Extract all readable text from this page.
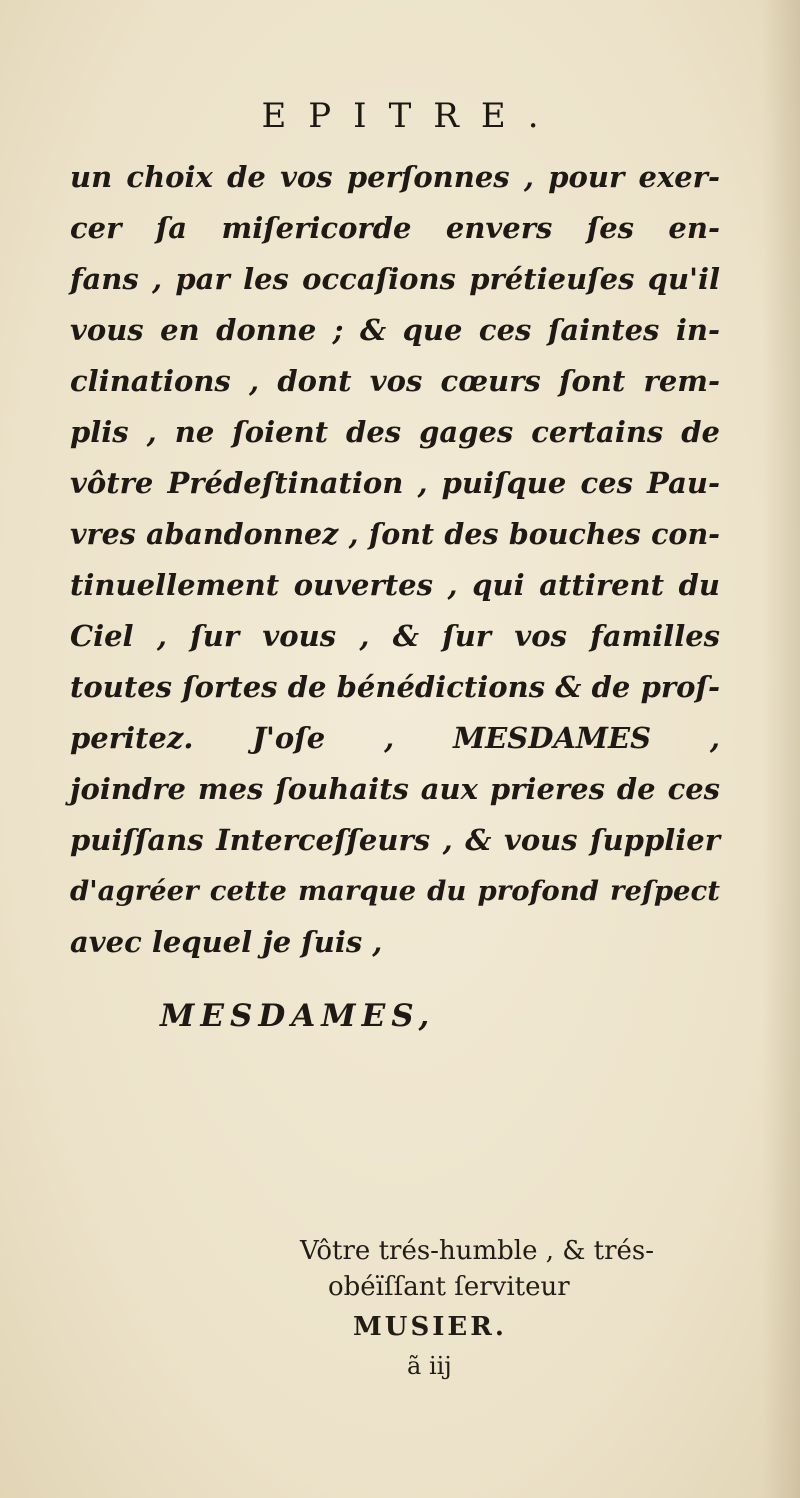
EPITRE.
un choix de vos perſonnes , pour exer-
cer ſa miſericorde envers ſes en-
fans , par les occaſions prétieuſes qu'il
vous en donne ; & que ces ſaintes in-
clinations , dont vos cœurs ſont rem-
plis , ne ſoient des gages certains de
vôtre Prédeſtination , puiſque ces Pau-
vres abandonnez , ſont des bouches con-
tinuellement ouvertes , qui attirent du
Ciel , ſur vous , & ſur vos familles
toutes ſortes de bénédictions & de proſ-
peritez. J'oſe , MESDAMES ,
joindre mes ſouhaits aux prieres de ces
puiſſans Interceſſeurs , & vous ſupplier
d'agréer cette marque du profond reſpect
avec lequel je ſuis ,
MESDAMES,
Vôtre trés-humble , & trés-
obéïſſant ſerviteur
MUSIER.
ã iij
